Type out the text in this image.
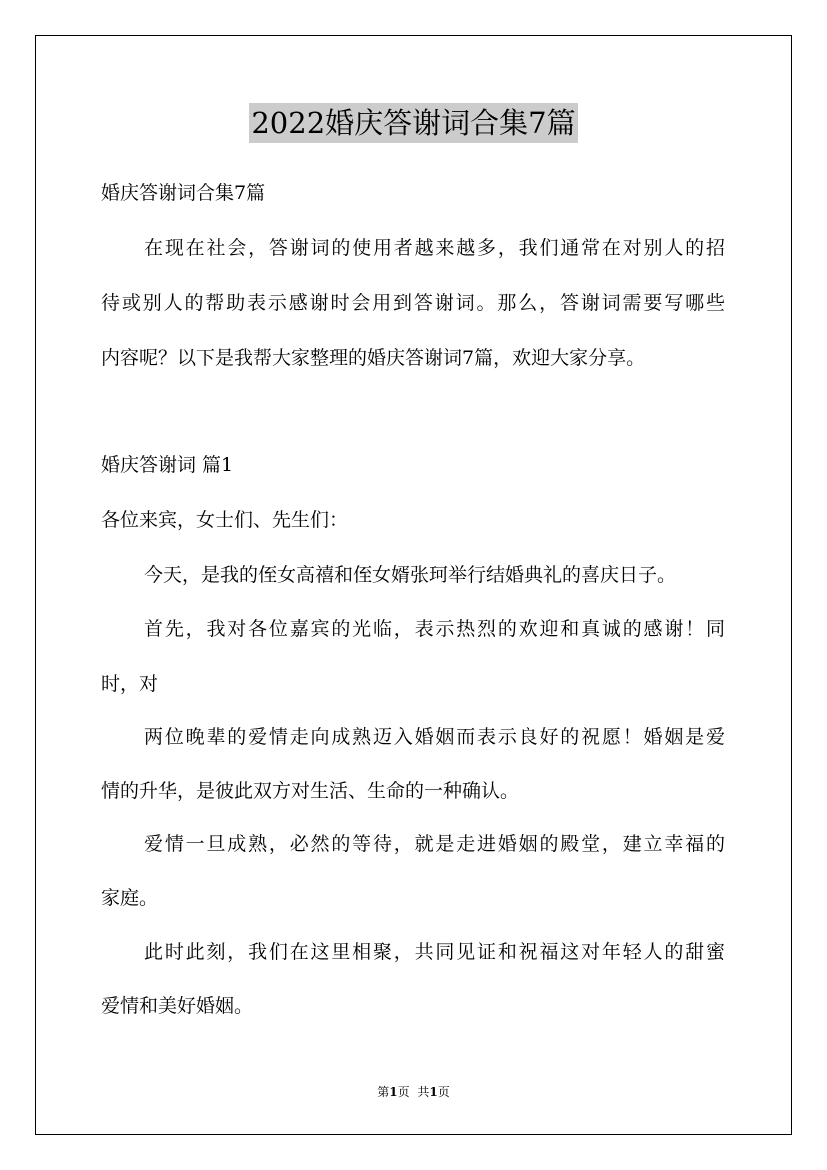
2022婚庆答谢词合集7篇
婚庆答谢词合集7篇
在现在社会，答谢词的使用者越来越多，我们通常在对别人的招
待或别人的帮助表示感谢时会用到答谢词。那么，答谢词需要写哪些
内容呢？以下是我帮大家整理的婚庆答谢词7篇，欢迎大家分享。
婚庆答谢词 篇1
各位来宾，女士们、先生们：
今天，是我的侄女高禧和侄女婿张珂举行结婚典礼的喜庆日子。
首先，我对各位嘉宾的光临，表示热烈的欢迎和真诚的感谢！同
时，对
两位晚辈的爱情走向成熟迈入婚姻而表示良好的祝愿！婚姻是爱
情的升华，是彼此双方对生活、生命的一种确认。
爱情一旦成熟，必然的等待，就是走进婚姻的殿堂，建立幸福的
家庭。
此时此刻，我们在这里相聚，共同见证和祝福这对年轻人的甜蜜
爱情和美好婚姻。
第1页 共1页
